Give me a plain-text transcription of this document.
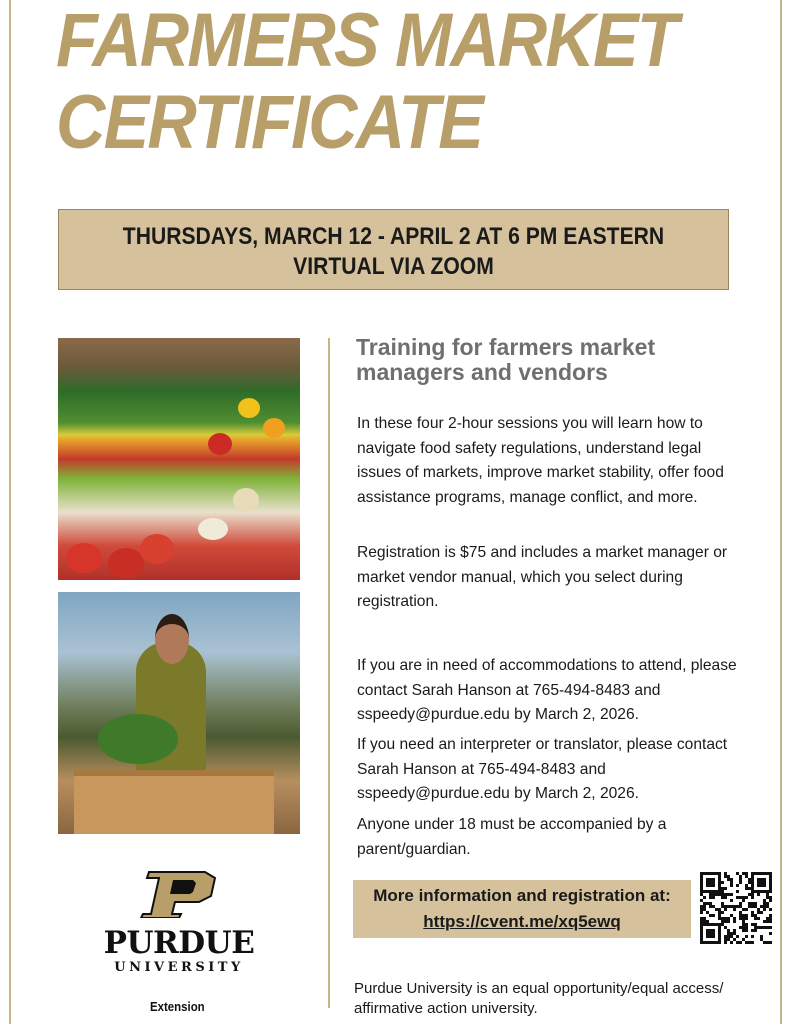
FARMERS MARKET
CERTIFICATE
THURSDAYS, MARCH 12 - APRIL 2 AT 6 PM EASTERN
VIRTUAL VIA ZOOM
Training for farmers market
managers and vendors

In these four 2-hour sessions you will learn how to navigate food safety regulations, understand legal issues of markets, improve market stability, offer food assistance programs, manage conflict, and more.

Registration is $75 and includes a market manager or market vendor manual, which you select during registration.

If you are in need of accommodations to attend, please contact Sarah Hanson at 765-494-8483 and sspeedy@purdue.edu by March 2, 2026.

If you need an interpreter or translator, please contact Sarah Hanson at 765-494-8483 and sspeedy@purdue.edu by March 2, 2026.

Anyone under 18 must be accompanied by a parent/guardian.

More information and registration at:
https://cvent.me/xq5ewq
PURDUE
UNIVERSITY
Extension

Purdue University is an equal opportunity/equal access/ affirmative action university.
